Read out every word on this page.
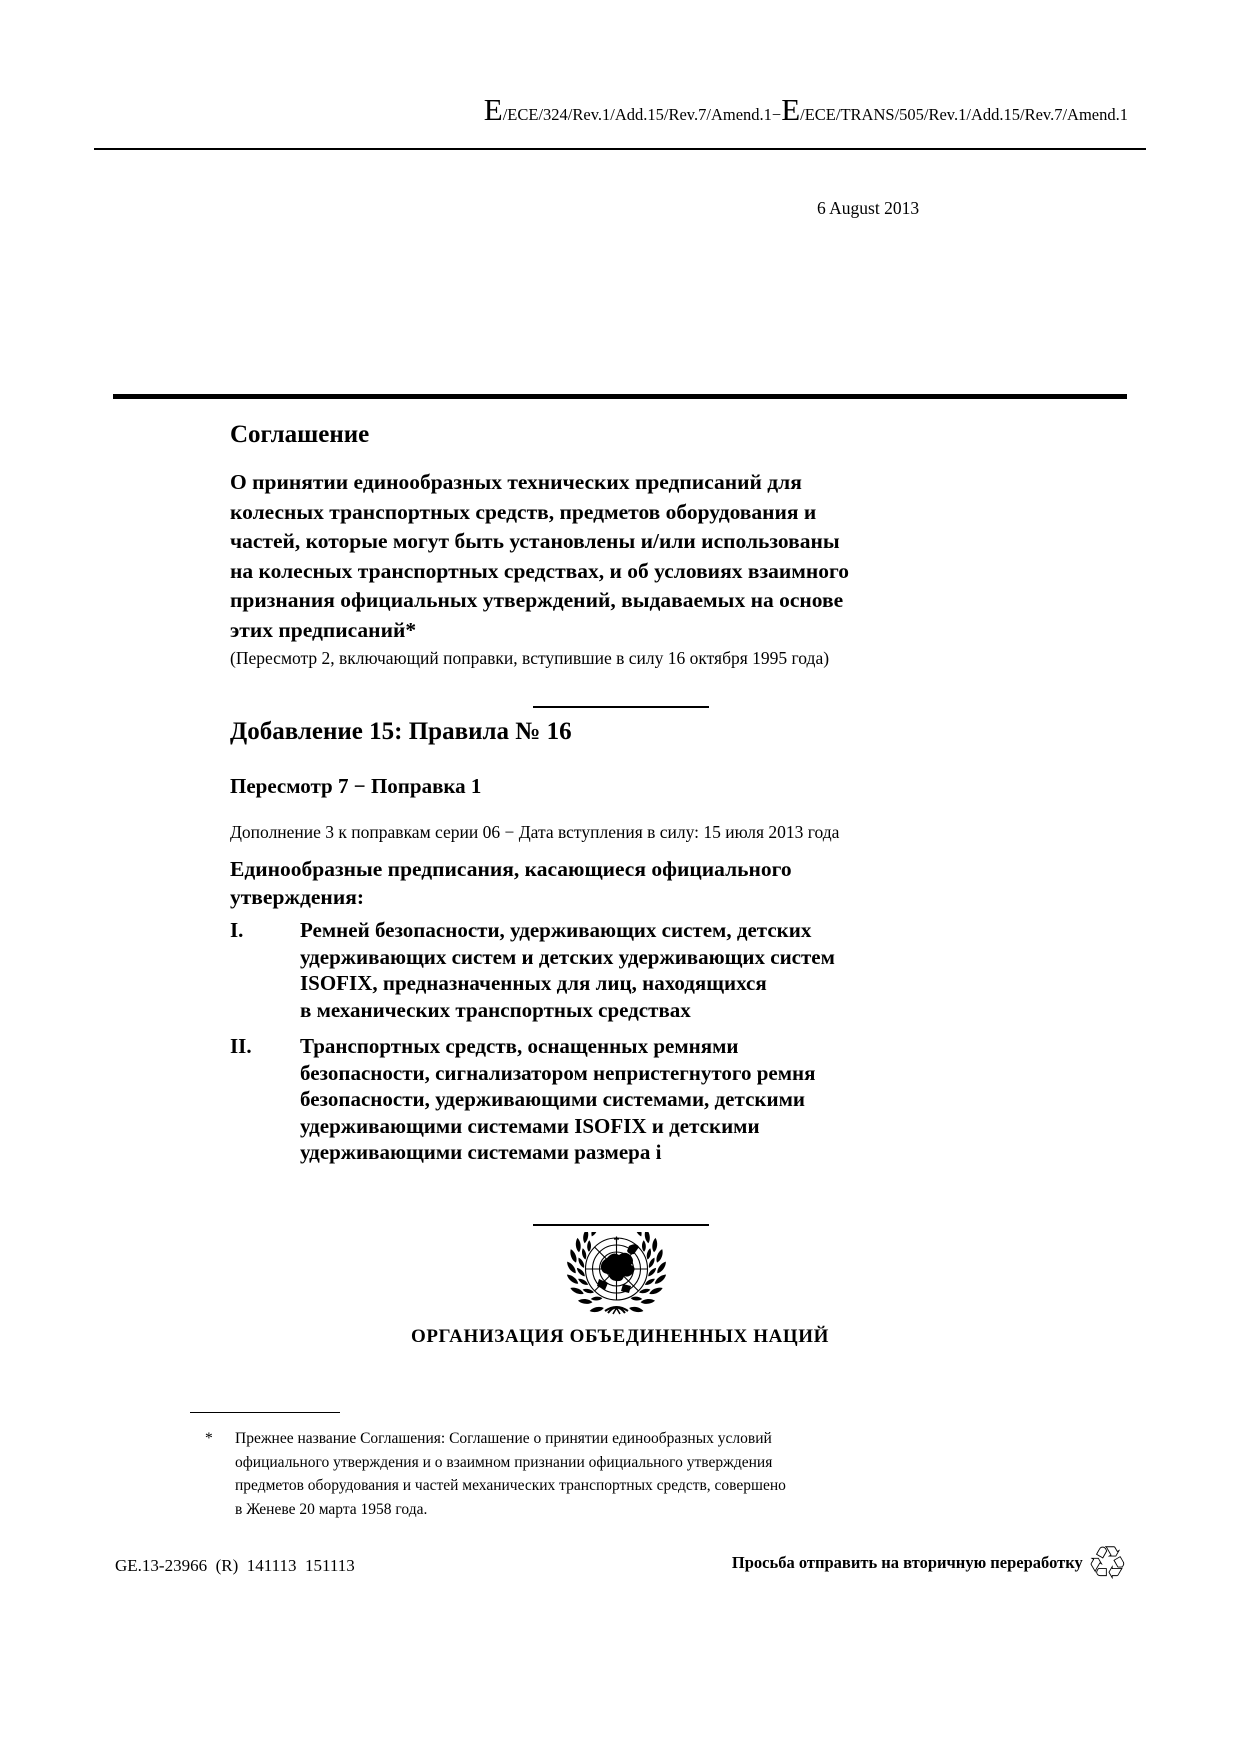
E/ECE/324/Rev.1/Add.15/Rev.7/Amend.1−E/ECE/TRANS/505/Rev.1/Add.15/Rev.7/Amend.1
6 August 2013
Соглашение
О принятии единообразных технических предписаний для
колесных транспортных средств, предметов оборудования и
частей, которые могут быть установлены и/или использованы
на колесных транспортных средствах, и об условиях взаимного
признания официальных утверждений, выдаваемых на основе
этих предписаний*
(Пересмотр 2, включающий поправки, вступившие в силу 16 октября 1995 года)
Добавление 15: Правила № 16
Пересмотр 7 − Поправка 1
Дополнение 3 к поправкам серии 06 − Дата вступления в силу: 15 июля 2013 года
Единообразные предписания, касающиеся официального
утверждения:
I.	Ремней безопасности, удерживающих систем, детских
удерживающих систем и детских удерживающих систем
ISOFIX, предназначенных для лиц, находящихся
в механических транспортных средствах
II.	Транспортных средств, оснащенных ремнями
безопасности, сигнализатором непристегнутого ремня
безопасности, удерживающими системами, детскими
удерживающими системами ISOFIX и детскими
удерживающими системами размера i
ОРГАНИЗАЦИЯ ОБЪЕДИНЕННЫХ НАЦИЙ
*	Прежнее название Соглашения: Соглашение о принятии единообразных условий
официального утверждения и о взаимном признании официального утверждения
предметов оборудования и частей механических транспортных средств, совершено
в Женеве 20 марта 1958 года.
GE.13-23966  (R)  141113  151113	Просьба отправить на вторичную переработку ♲
